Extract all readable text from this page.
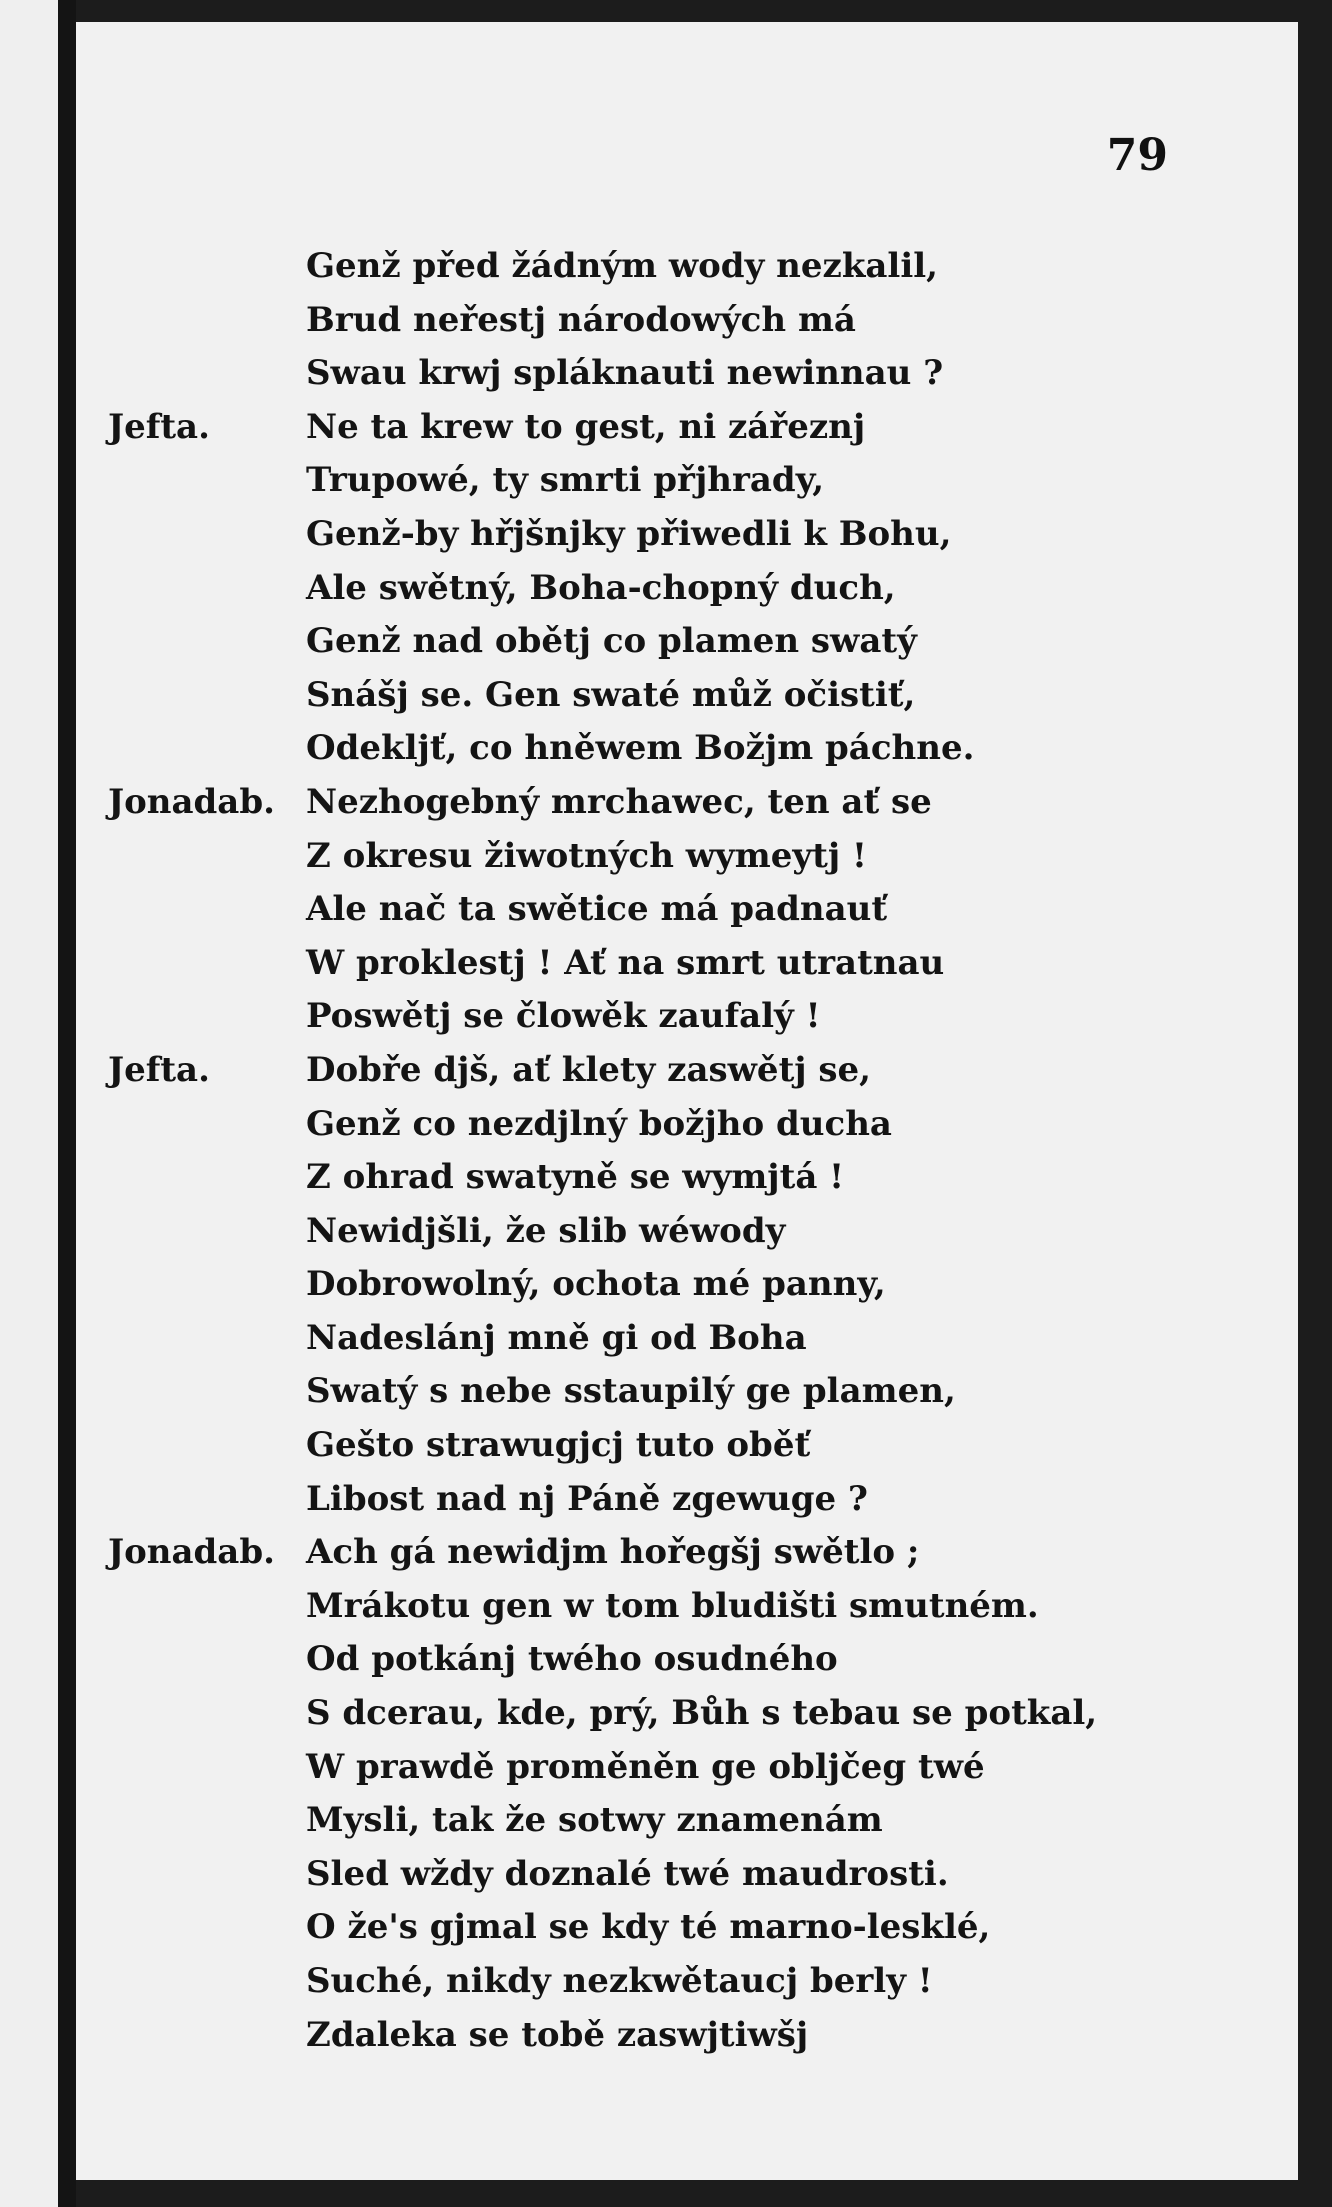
79
Genž před žádným wody nezkalil,
Brud neřestj národowých má
Swau krwj spláknauti newinnau ?
Jefta.	Ne ta krew to gest, ni zářeznj
Trupowé, ty smrti přjhrady,
Genž-by hřjšnjky přiwedli k Bohu,
Ale swětný, Boha-chopný duch,
Genž nad obětj co plamen swatý
Snášj se. Gen swaté můž očistiť,
Odekljť, co hněwem Božjm páchne.
Jonadab. Nezhogebný mrchawec, ten ať se
Z okresu žiwotných wymeytj !
Ale nač ta swětice má padnauť
W proklestj ! Ať na smrt utratnau
Poswětj se člowěk zaufalý !
Jefta.	Dobře djš, ať klety zaswětj se,
Genž co nezdjlný božjho ducha
Z ohrad swatyně se wymjtá !
Newidjšli, že slib wéwody
Dobrowolný, ochota mé panny,
Nadeslánj mně gi od Boha
Swatý s nebe sstaupilý ge plamen,
Gešto strawugjcj tuto oběť
Libost nad nj Páně zgewuge ?
Jonadab. Ach gá newidjm hořegšj swětlo ;
Mrákotu gen w tom bludišti smutném.
Od potkánj twého osudného
S dcerau, kde, prý, Bůh s tebau se potkal,
W prawdě proměněn ge obljčeg twé
Mysli, tak že sotwy znamenám
Sled wždy doznalé twé maudrosti.
O že's gjmal se kdy té marno-lesklé,
Suché, nikdy nezkwětaucj berly !
Zdaleka se tobě zaswjtiwšj
